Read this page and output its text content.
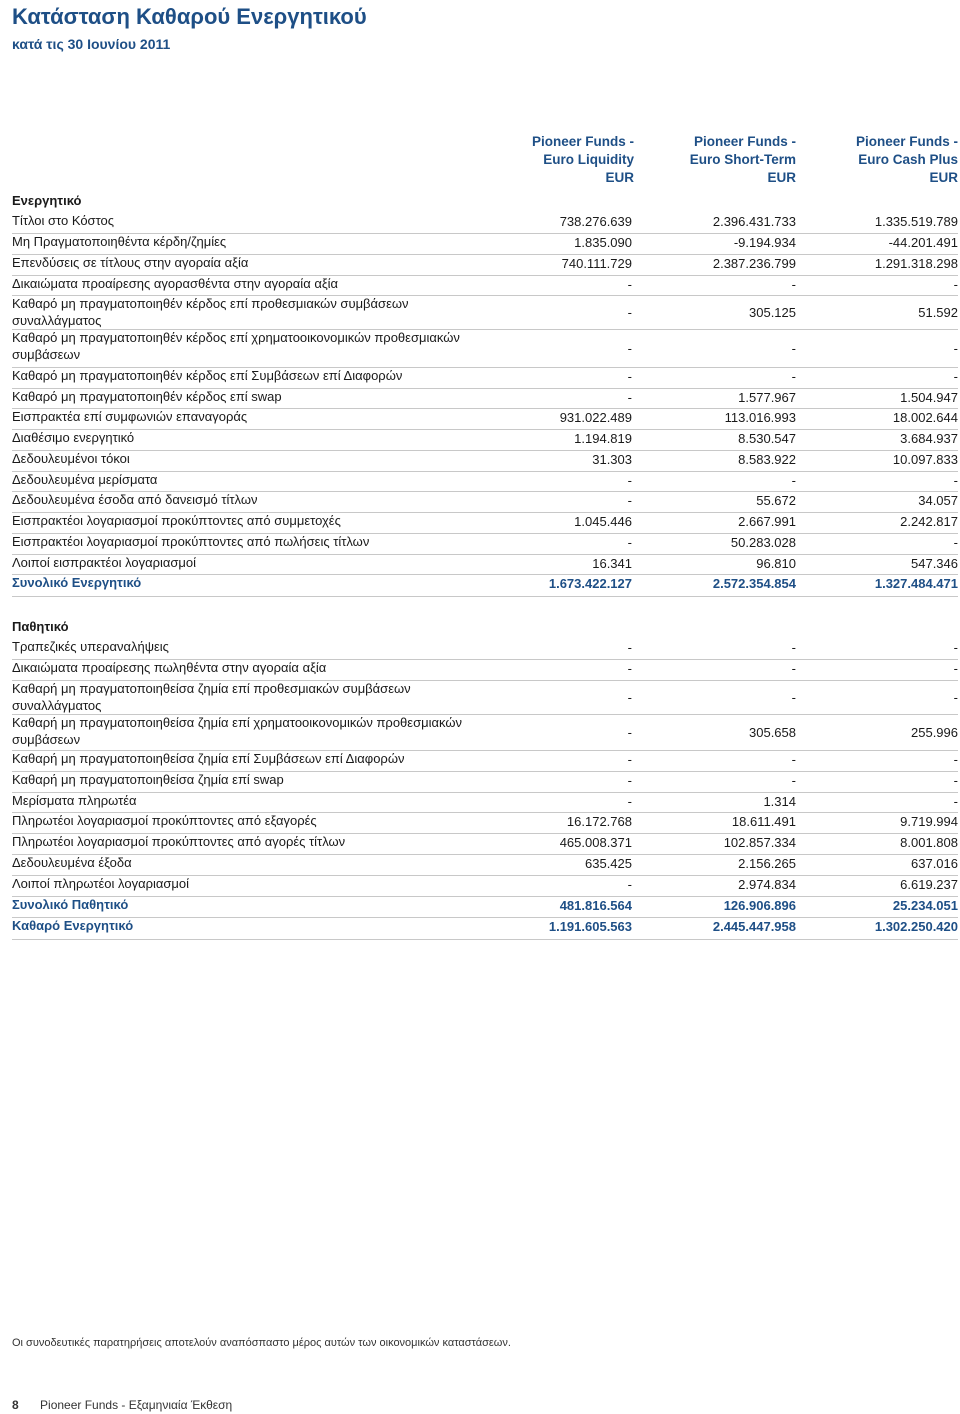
Κατάσταση Καθαρού Ενεργητικού
κατά τις 30 Ιουνίου 2011
Pioneer Funds -
Euro Liquidity
EUR
Pioneer Funds -
Euro Short-Term
EUR
Pioneer Funds -
Euro Cash Plus
EUR
Ενεργητικό
Τίτλοι στο Κόστος	738.276.639	2.396.431.733	1.335.519.789
Μη Πραγματοποιηθέντα κέρδη/ζημίες	1.835.090	-9.194.934	-44.201.491
Επενδύσεις σε τίτλους στην αγοραία αξία	740.111.729	2.387.236.799	1.291.318.298
Δικαιώματα προαίρεσης αγορασθέντα στην αγοραία αξία	-	-	-
Καθαρό μη πραγματοποιηθέν κέρδος επί προθεσμιακών συμβάσεων συναλλάγματος
-	305.125	51.592
Καθαρό μη πραγματοποιηθέν κέρδος επί χρηματοοικονομικών προθεσμιακών συμβάσεων	-	-	-
Καθαρό μη πραγματοποιηθέν κέρδος επί Συμβάσεων επί Διαφορών	-	-	-
Καθαρό μη πραγματοποιηθέν κέρδος επί swap	-	1.577.967	1.504.947
Εισπρακτέα επί συμφωνιών επαναγοράς	931.022.489	113.016.993	18.002.644
Διαθέσιμο ενεργητικό	1.194.819	8.530.547	3.684.937
Δεδουλευμένοι τόκοι	31.303	8.583.922	10.097.833
Δεδουλευμένα μερίσματα	-	-	-
Δεδουλευμένα έσοδα από δανεισμό τίτλων	-	55.672	34.057
Εισπρακτέοι λογαριασμοί προκύπτοντες από συμμετοχές	1.045.446	2.667.991	2.242.817
Εισπρακτέοι λογαριασμοί προκύπτοντες από πωλήσεις τίτλων	-	50.283.028	-
Λοιποί εισπρακτέοι λογαριασμοί	16.341	96.810	547.346
Συνολικό Ενεργητικό	1.673.422.127	2.572.354.854	1.327.484.471
Παθητικό
Τραπεζικές υπεραναλήψεις	-	-	-
Δικαιώματα προαίρεσης πωληθέντα στην αγοραία αξία	-	-	-
Καθαρή μη πραγματοποιηθείσα ζημία επί προθεσμιακών συμβάσεων συναλλάγματος
-	-	-
Καθαρή μη πραγματοποιηθείσα ζημία επί χρηματοοικονομικών προθεσμιακών συμβάσεων	-	305.658	255.996
Καθαρή μη πραγματοποιηθείσα ζημία επί Συμβάσεων επί Διαφορών	-	-	-
Καθαρή μη πραγματοποιηθείσα ζημία επί swap	-	-	-
Μερίσματα πληρωτέα	-	1.314	-
Πληρωτέοι λογαριασμοί προκύπτοντες από εξαγορές	16.172.768	18.611.491	9.719.994
Πληρωτέοι λογαριασμοί προκύπτοντες από αγορές τίτλων	465.008.371	102.857.334	8.001.808
Δεδουλευμένα έξοδα	635.425	2.156.265	637.016
Λοιποί πληρωτέοι λογαριασμοί	-	2.974.834	6.619.237
Συνολικό Παθητικό	481.816.564	126.906.896	25.234.051
Καθαρό Ενεργητικό	1.191.605.563	2.445.447.958	1.302.250.420
Οι συνοδευτικές παρατηρήσεις αποτελούν αναπόσπαστο μέρος αυτών των οικονομικών καταστάσεων.
8 Pioneer Funds - Εξαμηνιαία Έκθεση
